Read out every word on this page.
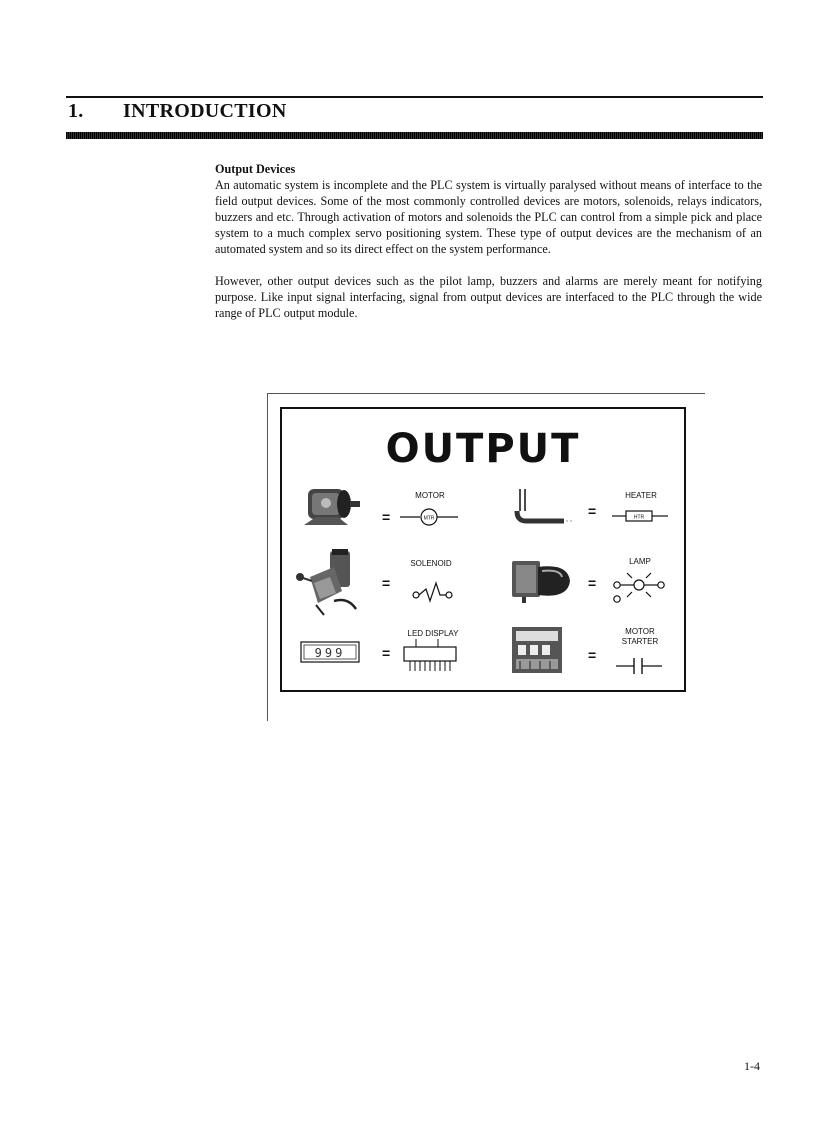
1. INTRODUCTION
Output Devices

An automatic system is incomplete and the PLC system is virtually paralysed without means of interface to the field output devices. Some of the most commonly controlled devices are motors, solenoids, relays indicators, buzzers and etc. Through activation of motors and solenoids the PLC can control from a simple pick and place system to a much complex servo positioning system. These type of output devices are the mechanism of an automated system and so its direct effect on the system performance.

However, other output devices such as the pilot lamp, buzzers and alarms are merely meant for notifying purpose. Like input signal interfacing, signal from output devices are interfaced to the PLC through the wide range of PLC output module.

OUTPUT
=
MOTOR
MTR	=
HEATER
HTR
=
SOLENOID
=
LAMP
999	=
LED DISPLAY
=
MOTOR
STARTER
1-4
